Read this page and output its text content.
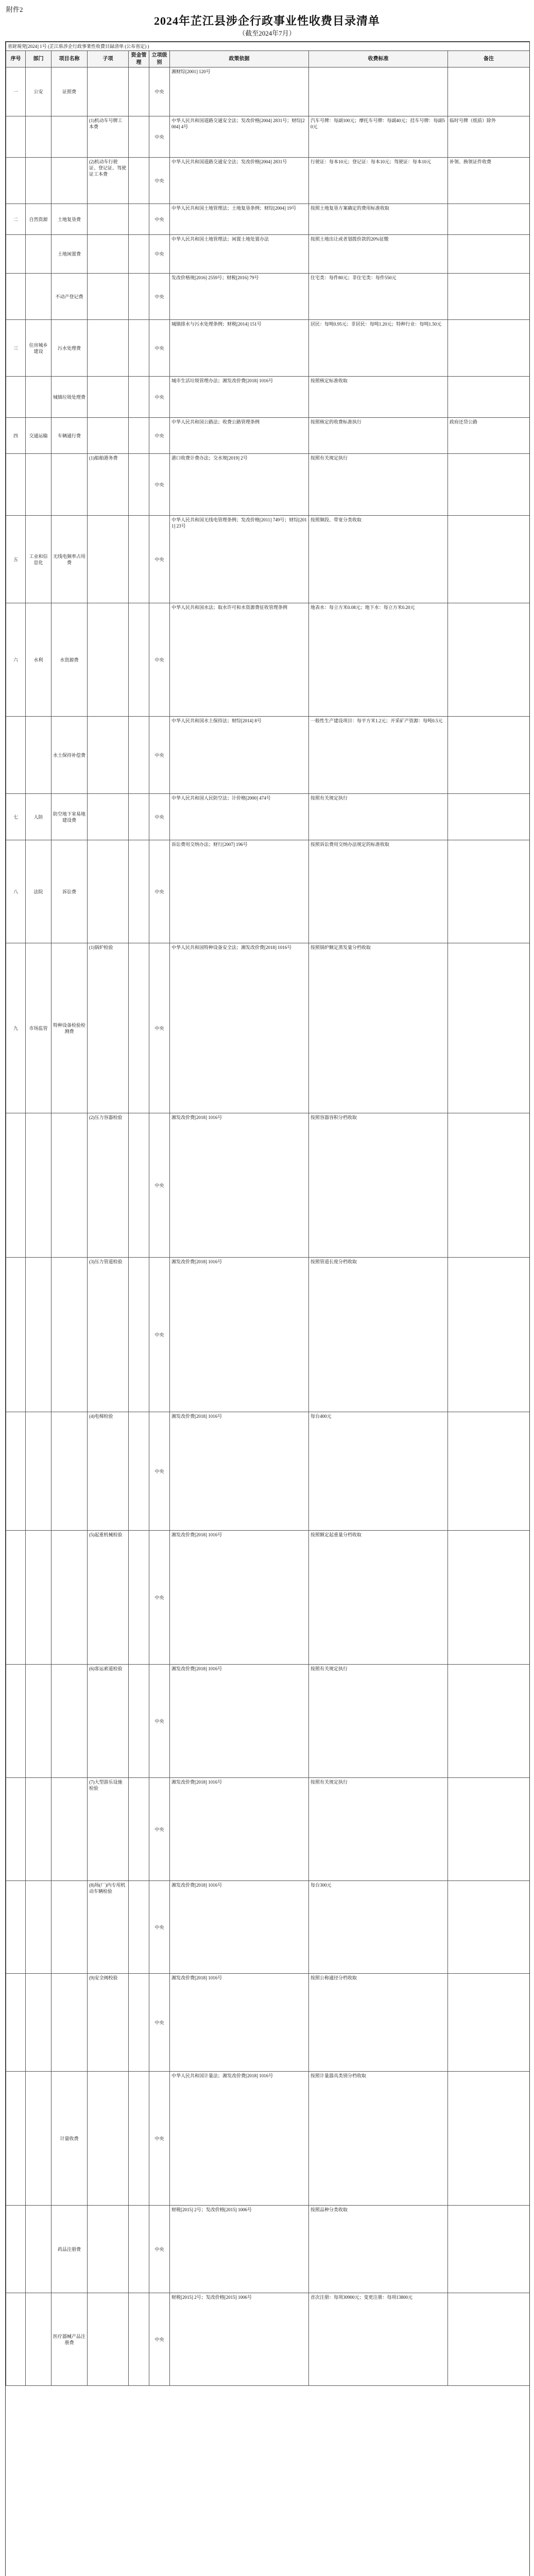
附件2
2024年芷江县涉企行政事业性收费目录清单
（截至2024年7月）
省財規発[2024] 1号 (芷江県涉企行政事業性收費目録清単 (公布省定) )								
序号	部门	项目名称	子项	资金管理	立项级别	政策依据	收费标准	备注
一	公安	证照费			中央	湘财综[2001] 120号		
			(1)机动车号牌工本费		中央	中华人民共和国道路交通安全法；发改价格[2004] 2831号；财综[2004] 4号	汽车号牌：每副100元；摩托车号牌：每副40元；挂车号牌：每副50元	临时号牌（纸质）除外
			(2)机动车行驶证、登记证、驾驶证工本费		中央	中华人民共和国道路交通安全法；发改价格[2004] 2831号	行驶证：每本10元；登记证：每本10元；驾驶证：每本10元	补领、换领证件收费
二	自然资源	土地复垦费			中央	中华人民共和国土地管理法；土地复垦条例；财综[2004] 19号	按照土地复垦方案确定的费用标准收取	
		土地闲置费			中央	中华人民共和国土地管理法；闲置土地处置办法	按照土地出让或者划拨价款的20%征缴	
		不动产登记费			中央	发改价格规[2016] 2559号；财税[2016] 79号	住宅类：每件80元；非住宅类：每件550元	
三	住房城乡建设	污水处理费			中央	城镇排水与污水处理条例；财税[2014] 151号	居民：每吨0.95元；非居民：每吨1.20元；特种行业：每吨1.50元	
		城镇垃圾处理费			中央	城市生活垃圾管理办法；湘发改价费[2018] 1016号	按照核定标准收取	
四	交通运输	车辆通行费			中央	中华人民共和国公路法；收费公路管理条例	按照核定的收费标准执行	政府还贷公路
			(1)船舶港务费		中央	港口收费计费办法；交水规[2019] 2号	按照有关规定执行	
五	工业和信息化	无线电频率占用费			中央	中华人民共和国无线电管理条例；发改价格[2011] 749号；财综[2011] 23号	按照频段、带宽分类收取	
六	水利	水资源费			中央	中华人民共和国水法；取水许可和水资源费征收管理条例	地表水：每立方米0.08元；地下水：每立方米0.20元	
		水土保持补偿费			中央	中华人民共和国水土保持法；财综[2014] 8号	一般性生产建设项目：每平方米1.2元；开采矿产资源：每吨0.5元	
七	人防	防空地下室易地建设费			中央	中华人民共和国人民防空法；计价格[2000] 474号	按照有关规定执行	
八	法院	诉讼费			中央	诉讼费用交纳办法；财行[2007] 196号	按照诉讼费用交纳办法规定的标准收取	
九	市场监管	特种设备检验检测费	(1)锅炉检验		中央	中华人民共和国特种设备安全法；湘发改价费[2018] 1016号	按照锅炉额定蒸发量分档收取	
			(2)压力容器检验		中央	湘发改价费[2018] 1016号	按照容器容积分档收取	
			(3)压力管道检验		中央	湘发改价费[2018] 1016号	按照管道长度分档收取	
			(4)电梯检验		中央	湘发改价费[2018] 1016号	每台400元	
			(5)起重机械检验		中央	湘发改价费[2018] 1016号	按照额定起重量分档收取	
			(6)客运索道检验		中央	湘发改价费[2018] 1016号	按照有关规定执行	
			(7)大型游乐设施检验		中央	湘发改价费[2018] 1016号	按照有关规定执行	
			(8)场(厂)内专用机动车辆检验		中央	湘发改价费[2018] 1016号	每台300元	
			(9)安全阀校验		中央	湘发改价费[2018] 1016号	按照公称通径分档收取	
		计量收费			中央	中华人民共和国计量法；湘发改价费[2018] 1016号	按照计量器具类别分档收取	
		药品注册费			中央	财税[2015] 2号；发改价格[2015] 1006号	按照品种分类收取	
		医疗器械产品注册费			中央	财税[2015] 2号；发改价格[2015] 1006号	首次注册：每项30900元；变更注册：每项13800元	
